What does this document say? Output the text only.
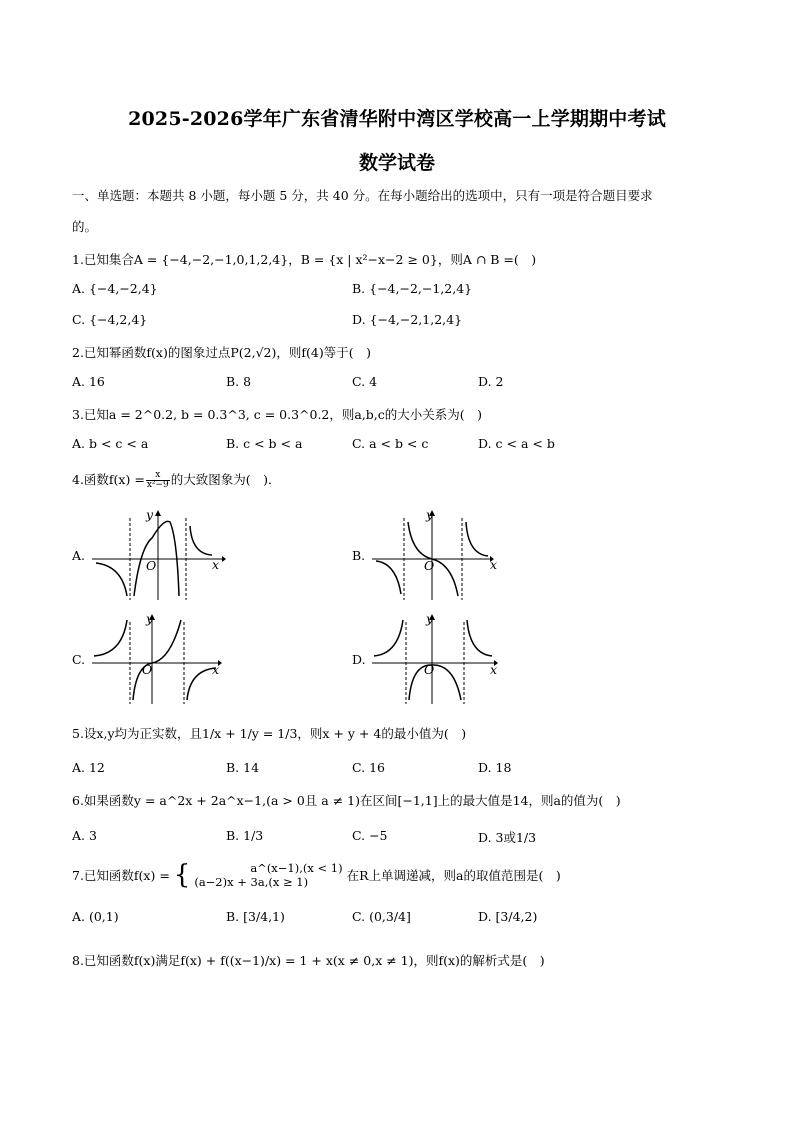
2025-2026学年广东省清华附中湾区学校高一上学期期中考试
数学试卷
一、单选题：本题共 8 小题，每小题 5 分，共 40 分。在每小题给出的选项中，只有一项是符合题目要求
的。
1.已知集合A = {−4,−2,−1,0,1,2,4}，B = {x | x²−x−2 ≥ 0}，则A ∩ B =(　)
A. {−4,−2,4}	B. {−4,−2,−1,2,4}
C. {−4,2,4}	D. {−4,−2,1,2,4}
2.已知幂函数f(x)的图象过点P(2,√2)，则f(4)等于(　)
A. 16	B. 8	C. 4	D. 2
3.已知a = 2^0.2, b = 0.3^3, c = 0.3^0.2，则a,b,c的大小关系为(　)
A. b < c < a	B. c < b < a	C. a < b < c	D. c < a < b
4.函数$f(x) = \frac{x}{\text{x²−9}}$ 的大致图象为(　)．
A.
y
x
O
B.
y
x
O
C.
y
x
O
D.
y
x
O
5.设x,y均为正实数，且1/x + 1/y = 1/3，则x + y + 4的最小值为(　)
A. 12	B. 14	C. 16	D. 18
6.如果函数y = a^2x + 2a^x−1,(a > 0且 a ≠ 1)在区间[−1,1]上的最大值是14，则a的值为(　)
A. 3	B. 1/3	C. −5	D. 3或1/3
7.已知函数f(x) = {	a^(x−1),(x < 1)
(a−2)x + 3a,(x ≥ 1)	在R上单调递减，则a的取值范围是(　)
A. (0,1)	B. [3/4,1)	C. (0,3/4]	D. [3/4,2)
8.已知函数f(x)满足f(x) + f((x−1)/x) = 1 + x(x ≠ 0,x ≠ 1)，则f(x)的解析式是(　)
